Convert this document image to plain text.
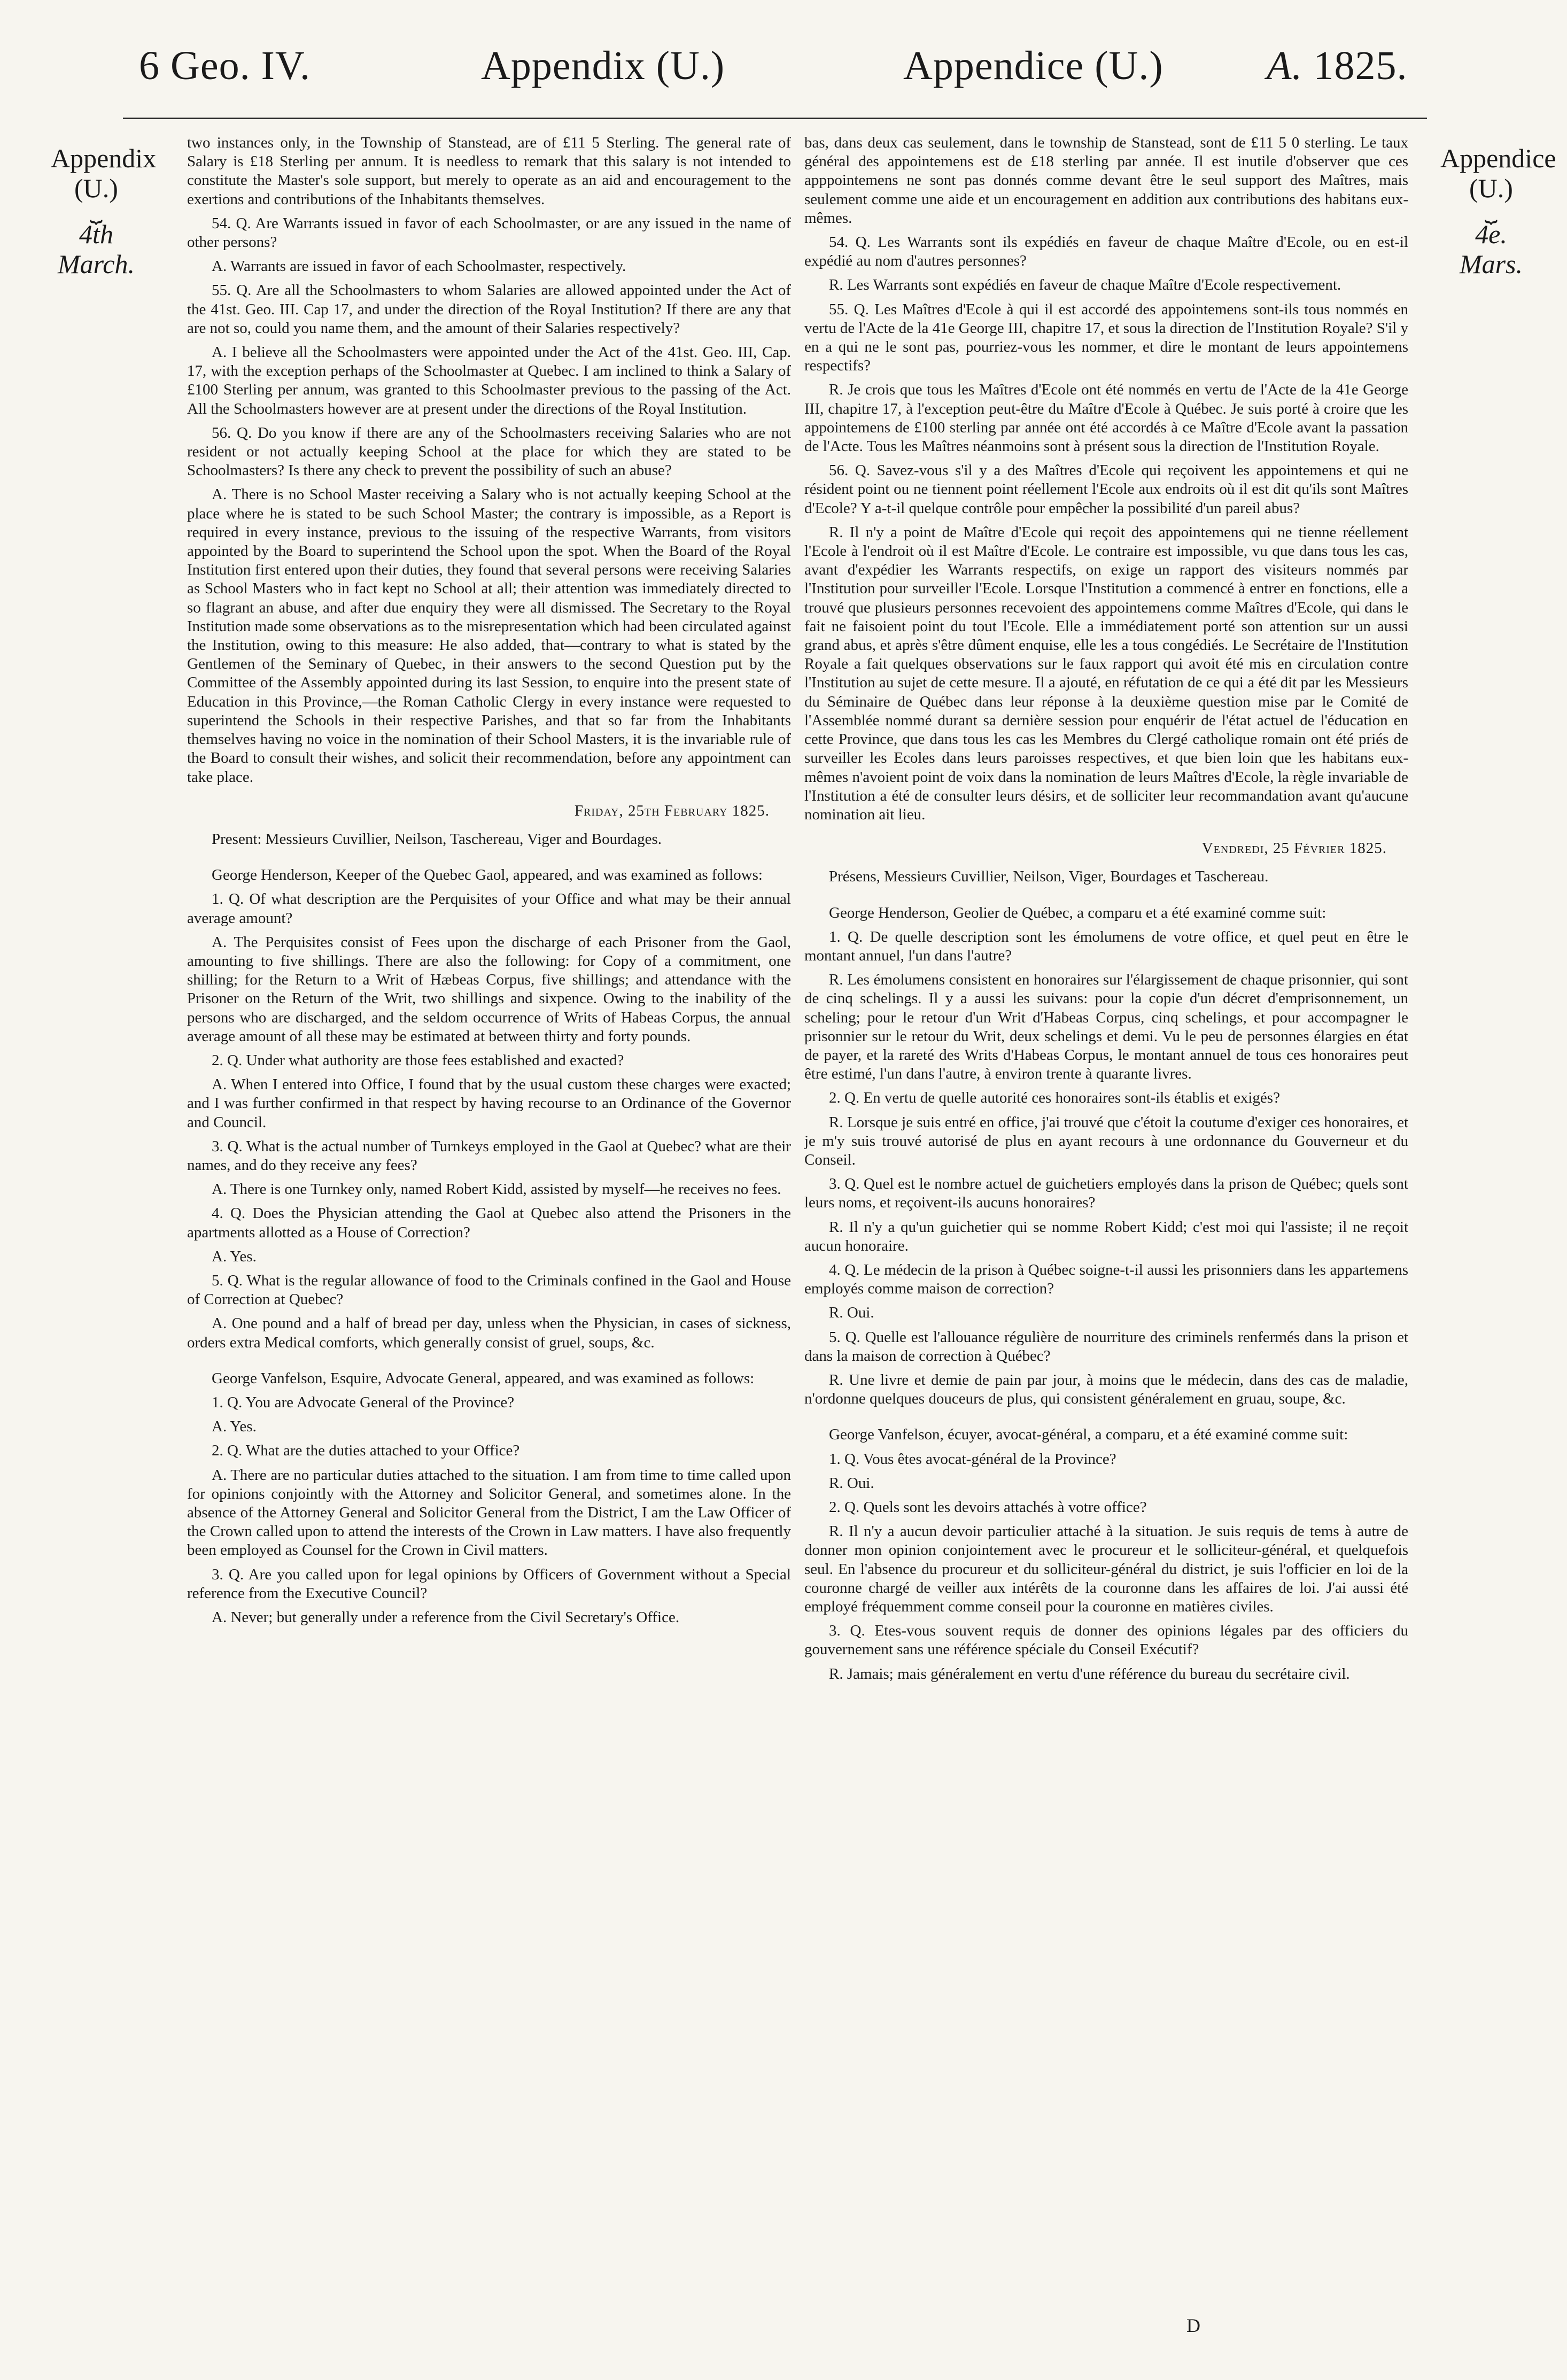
6 Geo. IV.	Appendix (U.)	Appendice (U.)	A. 1825.
Appendix
(U.)
⏟
4th March.
Appendice
(U.)
⏟
4e. Mars.

two instances only, in the Township of Stanstead, are of £11 5 Sterling. The general rate of Salary is £18 Sterling per annum. It is needless to remark that this salary is not intended to constitute the Master's sole support, but merely to operate as an aid and encouragement to the exertions and contributions of the Inhabitants themselves.

54. Q. Are Warrants issued in favor of each Schoolmaster, or are any issued in the name of other persons?

A. Warrants are issued in favor of each Schoolmaster, respectively.

55. Q. Are all the Schoolmasters to whom Salaries are allowed appointed under the Act of the 41st. Geo. III. Cap 17, and under the direction of the Royal Institution? If there are any that are not so, could you name them, and the amount of their Salaries respectively?

A. I believe all the Schoolmasters were appointed under the Act of the 41st. Geo. III, Cap. 17, with the exception perhaps of the Schoolmaster at Quebec. I am inclined to think a Salary of £100 Sterling per annum, was granted to this Schoolmaster previous to the passing of the Act. All the Schoolmasters however are at present under the directions of the Royal Institution.

56. Q. Do you know if there are any of the Schoolmasters receiving Salaries who are not resident or not actually keeping School at the place for which they are stated to be Schoolmasters? Is there any check to prevent the possibility of such an abuse?

A. There is no School Master receiving a Salary who is not actually keeping School at the place where he is stated to be such School Master; the contrary is impossible, as a Report is required in every instance, previous to the issuing of the respective Warrants, from visitors appointed by the Board to superintend the School upon the spot. When the Board of the Royal Institution first entered upon their duties, they found that several persons were receiving Salaries as School Masters who in fact kept no School at all; their attention was immediately directed to so flagrant an abuse, and after due enquiry they were all dismissed. The Secretary to the Royal Institution made some observations as to the misrepresentation which had been circulated against the Institution, owing to this measure: He also added, that—contrary to what is stated by the Gentlemen of the Seminary of Quebec, in their answers to the second Question put by the Committee of the Assembly appointed during its last Session, to enquire into the present state of Education in this Province,—the Roman Catholic Clergy in every instance were requested to superintend the Schools in their respective Parishes, and that so far from the Inhabitants themselves having no voice in the nomination of their School Masters, it is the invariable rule of the Board to consult their wishes, and solicit their recommendation, before any appointment can take place.

Friday, 25th February 1825.

Present: Messieurs Cuvillier, Neilson, Taschereau, Viger and Bourdages.

George Henderson, Keeper of the Quebec Gaol, appeared, and was examined as follows:

1. Q. Of what description are the Perquisites of your Office and what may be their annual average amount?

A. The Perquisites consist of Fees upon the discharge of each Prisoner from the Gaol, amounting to five shillings. There are also the following: for Copy of a commitment, one shilling; for the Return to a Writ of Hæbeas Corpus, five shillings; and attendance with the Prisoner on the Return of the Writ, two shillings and sixpence. Owing to the inability of the persons who are discharged, and the seldom occurrence of Writs of Habeas Corpus, the annual average amount of all these may be estimated at between thirty and forty pounds.

2. Q. Under what authority are those fees established and exacted?

A. When I entered into Office, I found that by the usual custom these charges were exacted; and I was further confirmed in that respect by having recourse to an Ordinance of the Governor and Council.

3. Q. What is the actual number of Turnkeys employed in the Gaol at Quebec? what are their names, and do they receive any fees?

A. There is one Turnkey only, named Robert Kidd, assisted by myself—he receives no fees.

4. Q. Does the Physician attending the Gaol at Quebec also attend the Prisoners in the apartments allotted as a House of Correction?

A. Yes.

5. Q. What is the regular allowance of food to the Criminals confined in the Gaol and House of Correction at Quebec?

A. One pound and a half of bread per day, unless when the Physician, in cases of sickness, orders extra Medical comforts, which generally consist of gruel, soups, &c.

George Vanfelson, Esquire, Advocate General, appeared, and was examined as follows:

1. Q. You are Advocate General of the Province?

A. Yes.

2. Q. What are the duties attached to your Office?

A. There are no particular duties attached to the situation. I am from time to time called upon for opinions conjointly with the Attorney and Solicitor General, and sometimes alone. In the absence of the Attorney General and Solicitor General from the District, I am the Law Officer of the Crown called upon to attend the interests of the Crown in Law matters. I have also frequently been employed as Counsel for the Crown in Civil matters.

3. Q. Are you called upon for legal opinions by Officers of Government without a Special reference from the Executive Council?

A. Never; but generally under a reference from the Civil Secretary's Office.

bas, dans deux cas seulement, dans le township de Stanstead, sont de £11 5 0 sterling. Le taux général des appointemens est de £18 sterling par année. Il est inutile d'observer que ces apppointemens ne sont pas donnés comme devant être le seul support des Maîtres, mais seulement comme une aide et un encouragement en addition aux contributions des habitans eux-mêmes.

54. Q. Les Warrants sont ils expédiés en faveur de chaque Maître d'Ecole, ou en est-il expédié au nom d'autres personnes?

R. Les Warrants sont expédiés en faveur de chaque Maître d'Ecole respectivement.

55. Q. Les Maîtres d'Ecole à qui il est accordé des appointemens sont-ils tous nommés en vertu de l'Acte de la 41e George III, chapitre 17, et sous la direction de l'Institution Royale? S'il y en a qui ne le sont pas, pourriez-vous les nommer, et dire le montant de leurs appointemens respectifs?

R. Je crois que tous les Maîtres d'Ecole ont été nommés en vertu de l'Acte de la 41e George III, chapitre 17, à l'exception peut-être du Maître d'Ecole à Québec. Je suis porté à croire que les appointemens de £100 sterling par année ont été accordés à ce Maître d'Ecole avant la passation de l'Acte. Tous les Maîtres néanmoins sont à présent sous la direction de l'Institution Royale.

56. Q. Savez-vous s'il y a des Maîtres d'Ecole qui reçoivent les appointemens et qui ne résident point ou ne tiennent point réellement l'Ecole aux endroits où il est dit qu'ils sont Maîtres d'Ecole? Y a-t-il quelque contrôle pour empêcher la possibilité d'un pareil abus?

R. Il n'y a point de Maître d'Ecole qui reçoit des appointemens qui ne tienne réellement l'Ecole à l'endroit où il est Maître d'Ecole. Le contraire est impossible, vu que dans tous les cas, avant d'expédier les Warrants respectifs, on exige un rapport des visiteurs nommés par l'Institution pour surveiller l'Ecole. Lorsque l'Institution a commencé à entrer en fonctions, elle a trouvé que plusieurs personnes recevoient des appointemens comme Maîtres d'Ecole, qui dans le fait ne faisoient point du tout l'Ecole. Elle a immédiatement porté son attention sur un aussi grand abus, et après s'être dûment enquise, elle les a tous congédiés. Le Secrétaire de l'Institution Royale a fait quelques observations sur le faux rapport qui avoit été mis en circulation contre l'Institution au sujet de cette mesure. Il a ajouté, en réfutation de ce qui a été dit par les Messieurs du Séminaire de Québec dans leur réponse à la deuxième question mise par le Comité de l'Assemblée nommé durant sa dernière session pour enquérir de l'état actuel de l'éducation en cette Province, que dans tous les cas les Membres du Clergé catholique romain ont été priés de surveiller les Ecoles dans leurs paroisses respectives, et que bien loin que les habitans eux-mêmes n'avoient point de voix dans la nomination de leurs Maîtres d'Ecole, la règle invariable de l'Institution a été de consulter leurs désirs, et de solliciter leur recommandation avant qu'aucune nomination ait lieu.

Vendredi, 25 Février 1825.

Présens, Messieurs Cuvillier, Neilson, Viger, Bourdages et Taschereau.

George Henderson, Geolier de Québec, a comparu et a été examiné comme suit:

1. Q. De quelle description sont les émolumens de votre office, et quel peut en être le montant annuel, l'un dans l'autre?

R. Les émolumens consistent en honoraires sur l'élargissement de chaque prisonnier, qui sont de cinq schelings. Il y a aussi les suivans: pour la copie d'un décret d'emprisonnement, un scheling; pour le retour d'un Writ d'Habeas Corpus, cinq schelings, et pour accompagner le prisonnier sur le retour du Writ, deux schelings et demi. Vu le peu de personnes élargies en état de payer, et la rareté des Writs d'Habeas Corpus, le montant annuel de tous ces honoraires peut être estimé, l'un dans l'autre, à environ trente à quarante livres.

2. Q. En vertu de quelle autorité ces honoraires sont-ils établis et exigés?

R. Lorsque je suis entré en office, j'ai trouvé que c'étoit la coutume d'exiger ces honoraires, et je m'y suis trouvé autorisé de plus en ayant recours à une ordonnance du Gouverneur et du Conseil.

3. Q. Quel est le nombre actuel de guichetiers employés dans la prison de Québec; quels sont leurs noms, et reçoivent-ils aucuns honoraires?

R. Il n'y a qu'un guichetier qui se nomme Robert Kidd; c'est moi qui l'assiste; il ne reçoit aucun honoraire.

4. Q. Le médecin de la prison à Québec soigne-t-il aussi les prisonniers dans les appartemens employés comme maison de correction?

R. Oui.

5. Q. Quelle est l'allouance régulière de nourriture des criminels renfermés dans la prison et dans la maison de correction à Québec?

R. Une livre et demie de pain par jour, à moins que le médecin, dans des cas de maladie, n'ordonne quelques douceurs de plus, qui consistent généralement en gruau, soupe, &c.

George Vanfelson, écuyer, avocat-général, a comparu, et a été examiné comme suit:

1. Q. Vous êtes avocat-général de la Province?

R. Oui.

2. Q. Quels sont les devoirs attachés à votre office?

R. Il n'y a aucun devoir particulier attaché à la situation. Je suis requis de tems à autre de donner mon opinion conjointement avec le procureur et le solliciteur-général, et quelquefois seul. En l'absence du procureur et du solliciteur-général du district, je suis l'officier en loi de la couronne chargé de veiller aux intérêts de la couronne dans les affaires de loi. J'ai aussi été employé fréquemment comme conseil pour la couronne en matières civiles.

3. Q. Etes-vous souvent requis de donner des opinions légales par des officiers du gouvernement sans une référence spéciale du Conseil Exécutif?

R. Jamais; mais généralement en vertu d'une référence du bureau du secrétaire civil.

D
